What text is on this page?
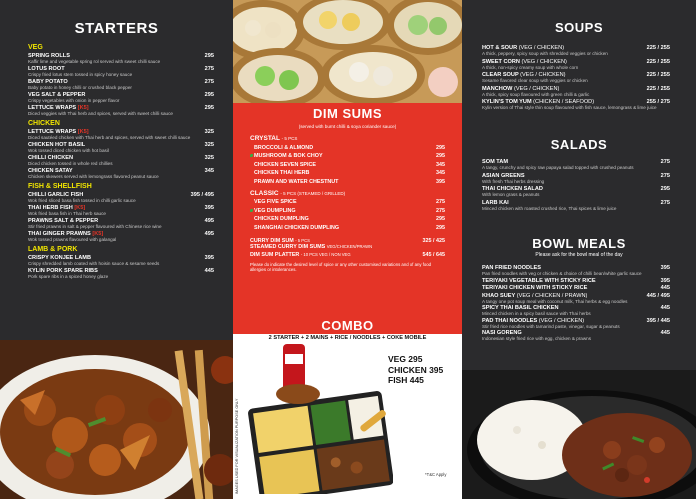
STARTERS
VEG
SPRING ROLLS
Kaffir lime and vegetable spring rol served with sweet chilli sauce
295
LOTUS ROOT
Crispy fried lotus stem tossed in spicy honey sauce
275
BABY POTATO
Baby potato in honey chilli or crushed black pepper
275
VEG SALT & PEPPER
Crispy vegetables with onion in pepper flavor
295
LETTUCE WRAPS [K5]
Diced veggies with Thai herb and spices, served with sweet chilli sauce
295
CHICKEN
LETTUCE WRAPS [K5]
Diced sautéed chicken with Thai herb and spices, served with sweet chilli sauce
325
CHICKEN HOT BASIL
Wok tossed diced chicken with hot basil
325
CHILLI CHICKEN
Diced chicken tossed in whole red chillies
325
CHICKEN SATAY
Chicken skewers served with lemongrass flavored peanut sauce
345
FISH & SHELLFISH
CHILLI GARLIC FISH
Wok fried sliced basa fish tossed in chilli garlic sauce
395 / 495
THAI HERB FISH [K5]
Wok fried basa fish in Thai herb sauce
395
PRAWNS SALT & PEPPER
Stir fried prawns in salt & pepper flavoured with Chinese rice wine
495
THAI GINGER PRAWNS [K5]
Wok tossed prawns flavoured with galangal
495
LAMB & PORK
CRISPY KONJEE LAMB
Crispy shredded lamb coated with hoisin sauce & sesame seeds
395
KYLIN PORK SPARE RIBS
Pork spare ribs in a spiced honey glaze
445
DIM SUMS
(served with burnt chilli & soya coriander sauce)
CRYSTAL - 5 PCS
BROCCOLI & ALMOND	295
MUSHROOM & BOK CHOY	295
CHICKEN SEVEN SPICE	345
CHICKEN THAI HERB	345
PRAWN AND WATER CHESTNUT	395
CLASSIC - 5 PCS (STEAMED / GRILLED)
VEG FIVE SPICE	275
VEG DUMPLING	275
CHICKEN DUMPLING	295
SHANGHAI CHICKEN DUMPLING	295
CURRY DIM SUM - 5 PCS
STEAMED CURRY DIM SUMS VEG/CHICKEN/PRAWN
325 / 425
DIM SUM PLATTER - 10 PCS VEG / NON VEG	545 / 645
Please do indicate the desired level of spice or any other customised variations and of any food allergies or intolerances.
COMBO
2 STARTER + 2 MAINS + RICE / NOODLES + COKE MOBILE
IMAGES USED FOR VISUALIZATION PURPOSE ONLY
VEG 295
CHICKEN 395
FISH 445
*T&C Apply
SOUPS
HOT & SOUR (VEG / CHICKEN)
A thick, peppery, spicy soup with shredded veggies or chicken
225 / 255
SWEET CORN (VEG / CHICKEN)
A thick, non-spicy creamy soup with whole corn
225 / 255
CLEAR SOUP (VEG / CHICKEN)
Sesame flavored clear soup with veggies or chicken
225 / 255
MANCHOW (VEG / CHICKEN)
A thick, spicy soup flavoured with green chilli & garlic
225 / 255
KYLIN'S TOM YUM (CHICKEN / SEAFOOD)
Kylin version of Thai style thin soup flavoured with fish sauce, lemongrass & lime juice
255 / 275
SALADS
SOM TAM
A tangy, crunchy and spicy raw papaya salad topped with crushed peanuts
275
ASIAN GREENS
With fresh Thai herbs dressing
275
THAI CHICKEN SALAD
With lemon grass & peanuts
295
LARB KAI
Minced chicken with roasted crushed rice, Thai spices & lime juice
275
BOWL MEALS
Please ask for the bowl meal of the day
PAN FRIED NOODLES
Pan fried noodles with veg or chicken & choice of chilli bean/white garlic sauce
395
TERIYAKI VEGETABLE WITH STICKY RICE	395
TERIYAKI CHICKEN WITH STICKY RICE	445
KHAO SUEY (VEG / CHICKEN / PRAWN)
A tangy one pot soup meal with coconut milk, Thai herbs & egg noodles
445 / 495
SPICY THAI BASIL CHICKEN
Minced chicken in a spicy basil sauce with Thai herbs
445
PAD THAI NOODLES (VEG / CHICKEN)
Stir fried rice noodles with tamarind paste, vinegar, sugar & peanuts
395 / 445
NASI GORENG
Indonesian style fried rice with egg, chicken & prawns
445
